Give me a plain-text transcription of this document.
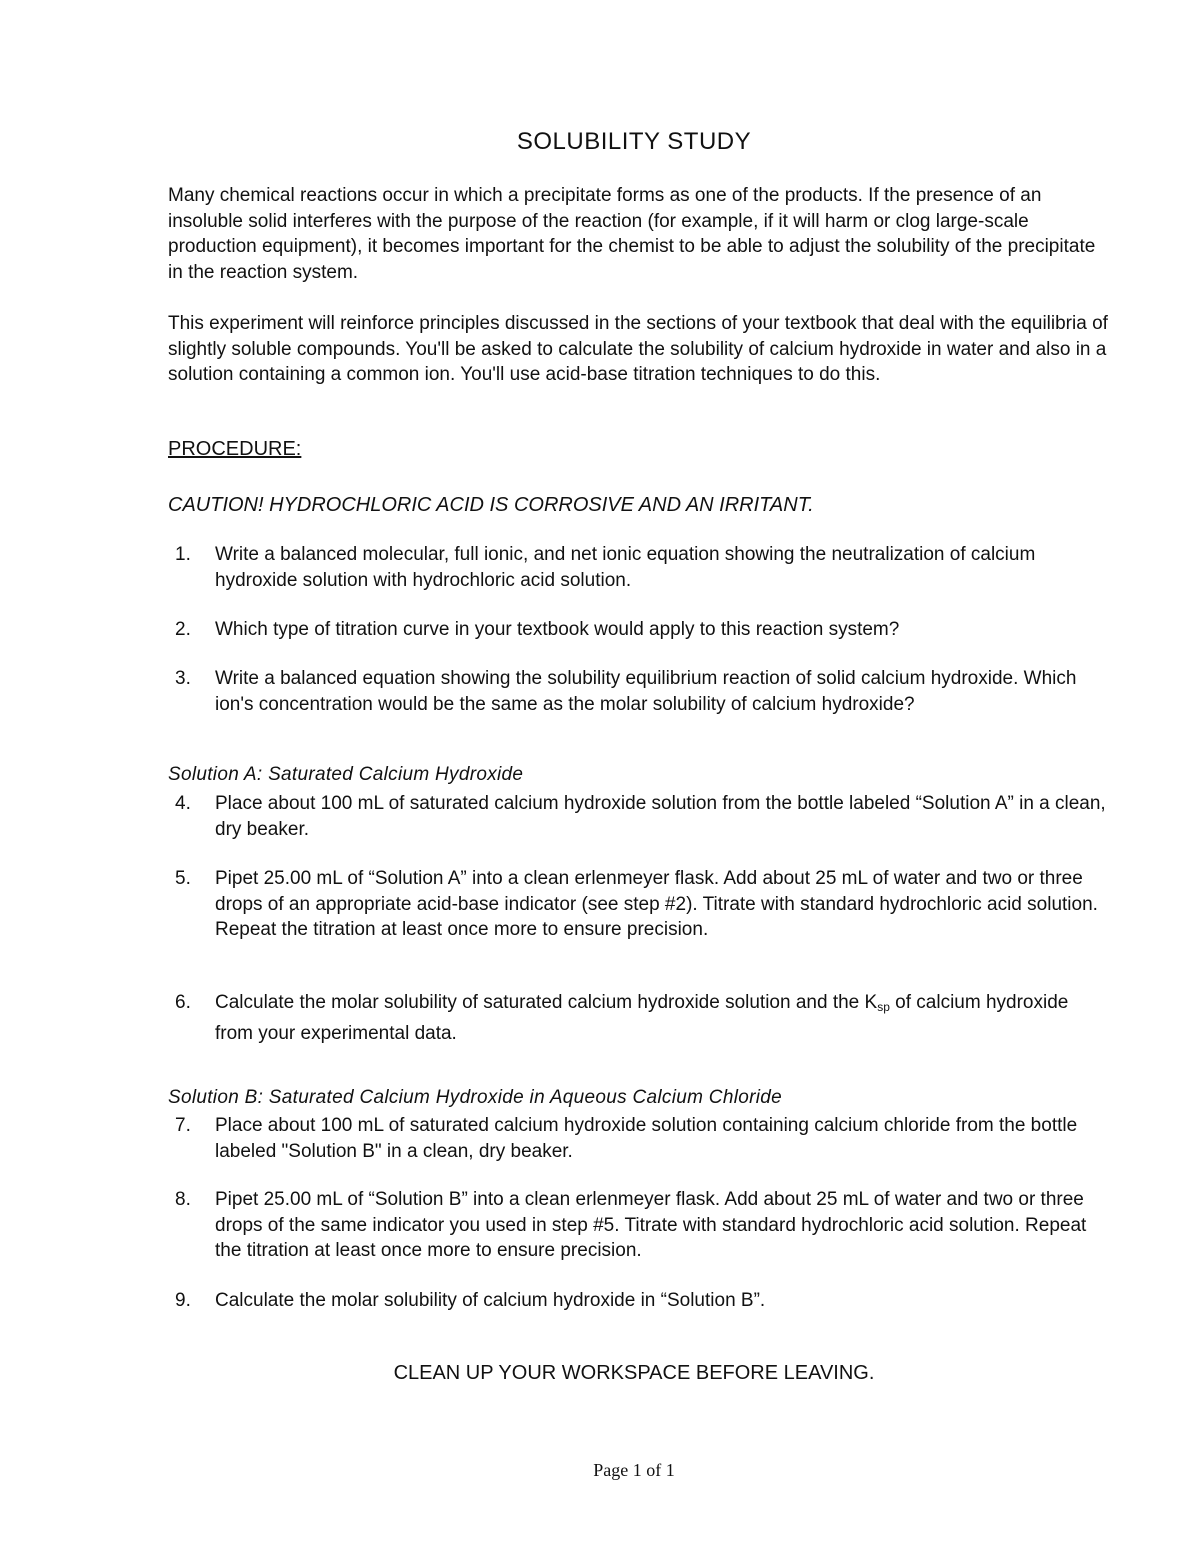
SOLUBILITY STUDY

Many chemical reactions occur in which a precipitate forms as one of the products. If the presence of an insoluble solid interferes with the purpose of the reaction (for example, if it will harm or clog large-scale production equipment), it becomes important for the chemist to be able to adjust the solubility of the precipitate in the reaction system.

This experiment will reinforce principles discussed in the sections of your textbook that deal with the equilibria of slightly soluble compounds. You'll be asked to calculate the solubility of calcium hydroxide in water and also in a solution containing a common ion. You'll use acid-base titration techniques to do this.

PROCEDURE:
CAUTION! HYDROCHLORIC ACID IS CORROSIVE AND AN IRRITANT.
1. Write a balanced molecular, full ionic, and net ionic equation showing the neutralization of calcium hydroxide solution with hydrochloric acid solution.
2. Which type of titration curve in your textbook would apply to this reaction system?
3. Write a balanced equation showing the solubility equilibrium reaction of solid calcium hydroxide. Which ion's concentration would be the same as the molar solubility of calcium hydroxide?
Solution A: Saturated Calcium Hydroxide
4. Place about 100 mL of saturated calcium hydroxide solution from the bottle labeled “Solution A” in a clean, dry beaker.
5. Pipet 25.00 mL of “Solution A” into a clean erlenmeyer flask. Add about 25 mL of water and two or three drops of an appropriate acid-base indicator (see step #2). Titrate with standard hydrochloric acid solution. Repeat the titration at least once more to ensure precision.
6. Calculate the molar solubility of saturated calcium hydroxide solution and the $K_{sp}$ of calcium hydroxide from your experimental data.
Solution B: Saturated Calcium Hydroxide in Aqueous Calcium Chloride
7. Place about 100 mL of saturated calcium hydroxide solution containing calcium chloride from the bottle labeled "Solution B" in a clean, dry beaker.
8. Pipet 25.00 mL of “Solution B” into a clean erlenmeyer flask. Add about 25 mL of water and two or three drops of the same indicator you used in step #5. Titrate with standard hydrochloric acid solution. Repeat the titration at least once more to ensure precision.
9. Calculate the molar solubility of calcium hydroxide in “Solution B”.
CLEAN UP YOUR WORKSPACE BEFORE LEAVING.
Page 1 of 1
